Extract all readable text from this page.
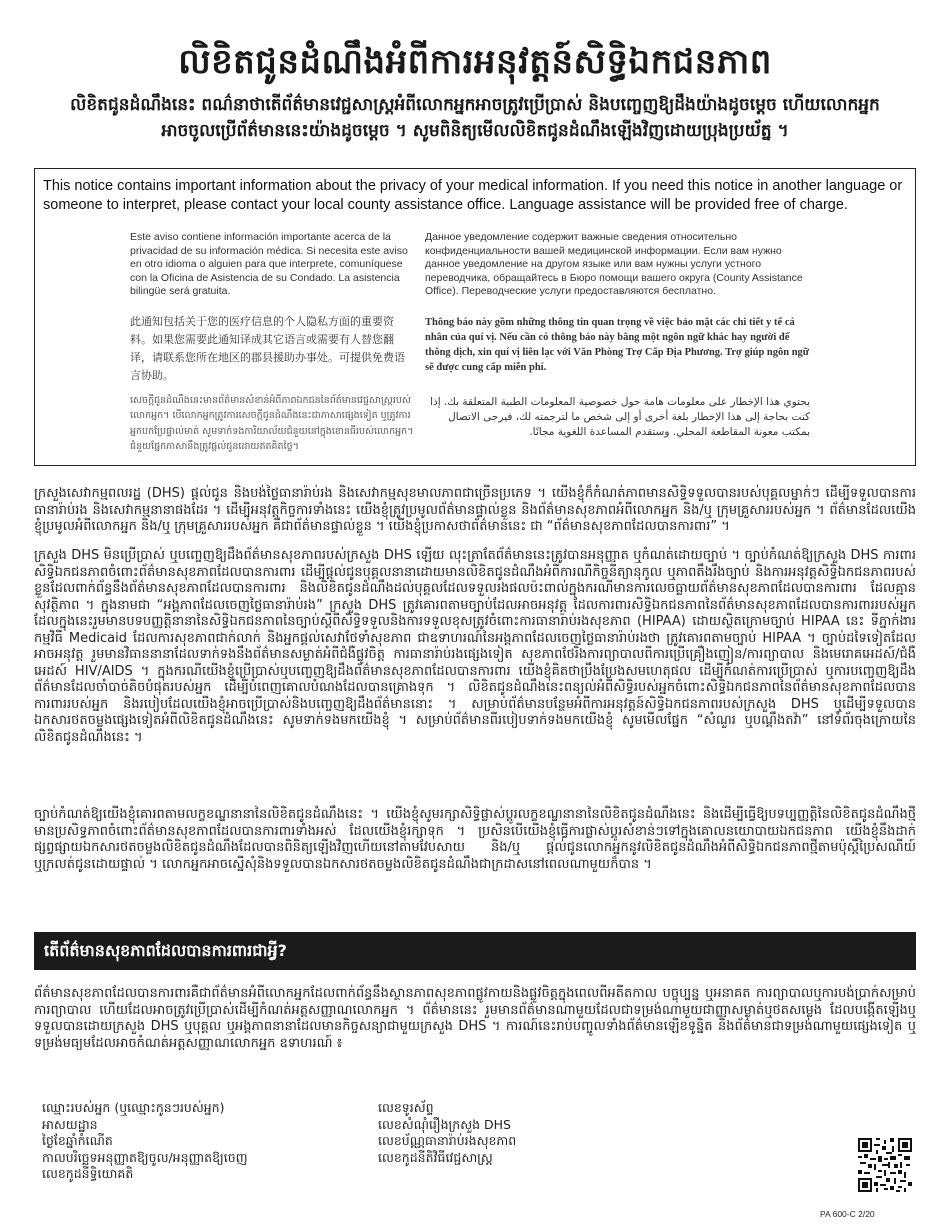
លិខិតជូនដំណឹងអំពីការអនុវត្តន៍សិទ្ធិឯកជនភាព
លិខិតជូនដំណឹងនេះ ពណ៌នាថាតើព័ត៌មានវេជ្ជសាស្ត្រអំពីលោកអ្នកអាចត្រូវប្រើប្រាស់ និងបញ្ចេញឱ្យដឹងយ៉ាងដូចម្តេច ហើយលោកអ្នកអាចចូលប្រើព័ត៌មាននេះយ៉ាងដូចម្តេច ។ សូមពិនិត្យមើលលិខិតជូនដំណឹងឡើងវិញដោយប្រុងប្រយ័ត្ន ។
This notice contains important information about the privacy of your medical information. If you need this notice in another language or someone to interpret, please contact your local county assistance office. Language assistance will be provided free of charge.
Este aviso contiene información importante acerca de la privacidad de su información médica. Si necesita este aviso en otro idioma o alguien para que interprete, comuníquese con la Oficina de Asistencia de su Condado. La asistencia bilingüe será gratuita.
此通知包括关于您的医疗信息的个人隐私方面的重要资料。如果您需要此通知译成其它语言或需要有人替您翻译，请联系您所在地区的郡县援助办事处。可提供免费语言协助。
សេចក្តីជូនដំណឹងនេះមានព័ត៌មានសំខាន់អំពីភាពឯកជននៃព័ត៌មានវេជ្ជសាស្ត្ររបស់លោកអ្នក។ បើលោកអ្នកត្រូវការសេចក្តីជូនដំណឹងនេះជាភាសាផ្សេងទៀត ឬត្រូវការអ្នកបកប្រែផ្ទាល់មាត់ សូមទាក់ទងការិយាល័យជំនួយនៅក្នុងខោនធីរបស់លោកអ្នក។ ជំនួយផ្នែកភាសានឹងត្រូវផ្តល់ជូនដោយឥតគិតថ្លៃ។
Данное уведомление содержит важные сведения относительно конфиденциальности вашей медицинской информации. Если вам нужно данное уведомление на другом языке или вам нужны услуги устного переводчика, обращайтесь в Бюро помощи вашего округа (County Assistance Office). Переводческие услуги предоставляются бесплатно.
Thông báo này gồm những thông tin quan trọng về việc bảo mật các chi tiết y tế cá nhân của quí vị. Nếu cần có thông báo này bằng một ngôn ngữ khác hay người để thông dịch, xin quí vị liên lạc với Văn Phòng Trợ Cấp Địa Phương. Trợ giúp ngôn ngữ sẽ được cung cấp miễn phí.
يحتوي هذا الإخطار على معلومات هامة حول خصوصية المعلومات الطبية المتعلقة بك. إذا كنت بحاجة إلى هذا الإخطار بلغة أخرى أو إلى شخص ما لترجمته لك، فيرجى الاتصال بمكتب معونة المقاطعة المحلي. وستقدم المساعدة اللغوية مجانًا.
ក្រសួងសេវាកម្មពលរដ្ឋ (DHS) ផ្តល់ជូន និងបង់ថ្លៃធានារ៉ាប់រង និងសេវាកម្មសុខមាលភាពជាច្រើនប្រភេទ ។ យើងខ្ញុំក៏កំណត់ភាពមានសិទ្ធិទទួលបានរបស់បុគ្គលម្នាក់ៗ ដើម្បីទទួលបានការធានារ៉ាប់រង និងសេវាកម្មនានាផងដែរ ។ ដើម្បីអនុវត្តកិច្ចការទាំងនេះ យើងខ្ញុំត្រូវប្រមូលព័ត៌មានផ្ទាល់ខ្លួន និងព័ត៌មានសុខភាពអំពីលោកអ្នក និង/ឬ ក្រុមគ្រួសាររបស់អ្នក ។ ព័ត៌មានដែលយើងខ្ញុំប្រមូលអំពីលោកអ្នក និង/ឬ ក្រុមគ្រួសាររបស់អ្នក គឺជាព័ត៌មានផ្ទាល់ខ្លួន ។ យើងខ្ញុំប្រកាសថាព័ត៌មាននេះ ជា “ព័ត៌មានសុខភាពដែលបានការពារ” ។
ក្រសួង DHS មិនប្រើប្រាស់ ឬបញ្ចេញឱ្យដឹងព័ត៌មានសុខភាពរបស់ក្រសួង DHS ឡើយ លុះត្រាតែព័ត៌មាននេះត្រូវបានអនុញ្ញាត ឬកំណត់ដោយច្បាប់ ។ ច្បាប់កំណត់ឱ្យក្រសួង DHS ការពារសិទ្ធិឯកជនភាពចំពោះព័ត៌មានសុខភាពដែលបានការពារ ដើម្បីផ្តល់ជូនបុគ្គលនានាដោយមានលិខិតជូនដំណឹងអំពីការណីកិច្ចនីត្យានុកូល ឬភាពតឹងរឹងច្បាប់ និងការអនុវត្តសិទ្ធិឯកជនភាពរបស់ខ្លួនដែលពាក់ព័ន្ធនឹងព័ត៌មានសុខភាពដែលបានការពារ និងលិខិតជូនដំណឹងដល់បុគ្គលដែលទទួលរងផលប៉ះពាល់ក្នុងករណីមានការលេចធ្លាយព័ត៌មានសុខភាពដែលបានការពារ ដែលគ្មានសុវត្ថិភាព ។ ក្នុងនាមជា “អង្គភាពដែលចេញថ្លៃធានារ៉ាប់រង” ក្រសួង DHS ត្រូវគោរពតាមច្បាប់ដែលអាចអនុវត្ត ដែលការពារសិទ្ធិឯកជនភាពនៃព័ត៌មានសុខភាពដែលបានការពាររបស់អ្នក ដែលក្នុងនេះរួមមានបទបញ្ញត្តិនានានៃសិទ្ធិឯកជនភាពនៃច្បាប់ស្តីពីសិទ្ធិទទួលនិងការទទួលខុសត្រូវចំពោះការធានារ៉ាប់រងសុខភាព (HIPAA) ដោយស្ថិតក្រោមច្បាប់ HIPAA នេះ ទីភ្នាក់ងារកម្មវិធី Medicaid ដែលការសុខភាពជាក់លាក់ និងអ្នកផ្តល់សេវាថែទាំសុខភាព ជាឧទាហរណ៍នៃអង្គភាពដែលចេញថ្លៃធានារ៉ាប់រងថា ត្រូវគោរពតាមច្បាប់ HIPAA ។ ច្បាប់ដទៃទៀតដែលអាចអនុវត្ត រួមមានវិធាននានាដែលទាក់ទងនឹងព័ត៌មានសម្ងាត់អំពីជំងឺផ្លូវចិត្ត ការធានារ៉ាប់រងផ្សេងទៀត សុខភាពថែរិងការព្យាបាលពីការប្រើគ្រឿងញៀន/ការព្យាបាល និងមេរោគអេដស៍/ជំងឺអេដស៍ HIV/AIDS ។ ក្នុងករណីយើងខ្ញុំប្រើប្រាស់ឬបញ្ចេញឱ្យដឹងព័ត៌មានសុខភាពដែលបានការពារ យើងខ្ញុំគិតថាប្រឹងប្រែងសមហេតុផល ដើម្បីកំណត់ការប្រើប្រាស់ ឬការបញ្ចេញឱ្យដឹងព័ត៌មានដែលចាំបាច់តិចបំផុតរបស់អ្នក ដើម្បីបំពេញគោលបំណងដែលបានគ្រោងទុក ។ លិខិតជូនដំណឹងនេះពន្យល់អំពីសិទ្ធិរបស់អ្នកចំពោះសិទ្ធិឯកជនភាពនៃព័ត៌មានសុខភាពដែលបានការពាររបស់អ្នក និងរបៀបដែលយើងខ្ញុំអាចប្រើប្រាស់និងបញ្ចេញឱ្យដឹងព័ត៌មាននោះ ។ សម្រាប់ព័ត៌មានបន្ថែមអំពីការអនុវត្តន៍សិទ្ធិឯកជនភាពរបស់ក្រសួង DHS ឬដើម្បីទទួលបានឯកសារថតចម្លងផ្សេងទៀតអំពីលិខិតជូនដំណឹងនេះ សូមទាក់ទងមកយើងខ្ញុំ ។ សម្រាប់ព័ត៌មានពីរបៀបទាក់ទងមកយើងខ្ញុំ សូមមើលផ្នែក “សំណួរ ឬបណ្តឹងតវ៉ា” នៅទំព័រចុងក្រោយនៃលិខិតជូនដំណឹងនេះ ។
ច្បាប់កំណត់ឱ្យយើងខ្ញុំគោរពតាមលក្ខខណ្ឌនានានៃលិខិតជូនដំណឹងនេះ ។ យើងខ្ញុំសូមរក្សាសិទ្ធិផ្លាស់ប្តូរលក្ខខណ្ឌនានានៃលិខិតជូនដំណឹងនេះ និងដើម្បីធ្វើឱ្យបទប្បញ្ញត្តិនៃលិខិតជូនដំណឹងថ្មីមានប្រសិទ្ធភាពចំពោះព័ត៌មានសុខភាពដែលបានការពារទាំងអស់ ដែលយើងខ្ញុំរក្សាទុក ។ ប្រសិនបើយើងខ្ញុំធ្វើការផ្លាស់ប្តូរសំខាន់ៗទៅក្នុងគោលនយោបាយឯកជនភាព យើងខ្ញុំនឹងដាក់ផ្សព្វផ្សាយឯកសារថតចម្លងលិខិតជូនដំណឹងដែលបានពិនិត្យឡើងវិញហើយនៅតាមវែបសាយ និង/ឬ ផ្តល់ជូនលោកអ្នកនូវលិខិតជូនដំណឹងអំពីសិទ្ធិឯកជនភាពថ្មីតាមប៉ុស្តិ៍ប្រៃសណីយ៍ ឬក្រលត់ជូនដោយផ្ទាល់ ។ លោកអ្នកអាចស្នើសុំនិងទទួលបានឯកសារថតចម្លងលិខិតជូនដំណឹងជាក្រដាសនៅពេលណាមួយក៏បាន ។
តើព័ត៌មានសុខភាពដែលបានការពារជាអ្វី?
ព័ត៌មានសុខភាពដែលបានការពារគឺជាព័ត៌មានអំពីលោកអ្នកដែលពាក់ព័ន្ធនឹងស្ថានភាពសុខភាពផ្លូវកាយនិងផ្លូវចិត្តក្នុងពេលពីអតីតកាល បច្ចុប្បន្ន ឬអនាគត ការព្យាបាលឬការបង់ប្រាក់សម្រាប់ការព្យាបាល ហើយដែលអាចត្រូវប្រើប្រាស់ដើម្បីកំណត់អត្តសញ្ញាណលោកអ្នក ។ ព័ត៌មាននេះ រួមមានព័ត៌មានណាមួយដែលជាទម្រង់ណាមួយជាញ្ញាសម្ងាត់ឬថតសម្លេង ដែលបង្កើតឡើងឬទទួលបានដោយក្រសួង DHS ឬបុគ្គល ឬអង្គភាពនានាដែលមានកិច្ចសន្យាជាមួយក្រសួង DHS ។ ការណ៍នេះរាប់បញ្ចូលទាំងព័ត៌មានឡើខទូន្និត និងព័ត៌មានជាទម្រង់ណាមួយផ្សេងទៀត ឬទម្រង់មធ្យមដែលអាចកំណត់អត្តសញ្ញាណលោកអ្នក ឧទាហរណ៍ ៖
ឈ្មោះរបស់អ្នក (ឬឈ្មោះកូនៗរបស់អ្នក)
អាសយដ្ឋាន
ថ្ងៃខែឆ្នាំកំណើត
កាលបរិច្ឆេទអនុញ្ញាតឱ្យចូល/អនុញ្ញាតឱ្យចេញ
លេខកូដនីទ្ធិយោគតិ
លេខទូរស័ព្ទ
លេខសំណុំរឿងក្រសួង DHS
លេខប័ណ្ណធានារ៉ាប់រងសុខភាព
លេខកូដនីតិវិធីវេជ្ជសាស្ត្រ
PA 600-C 2/20
